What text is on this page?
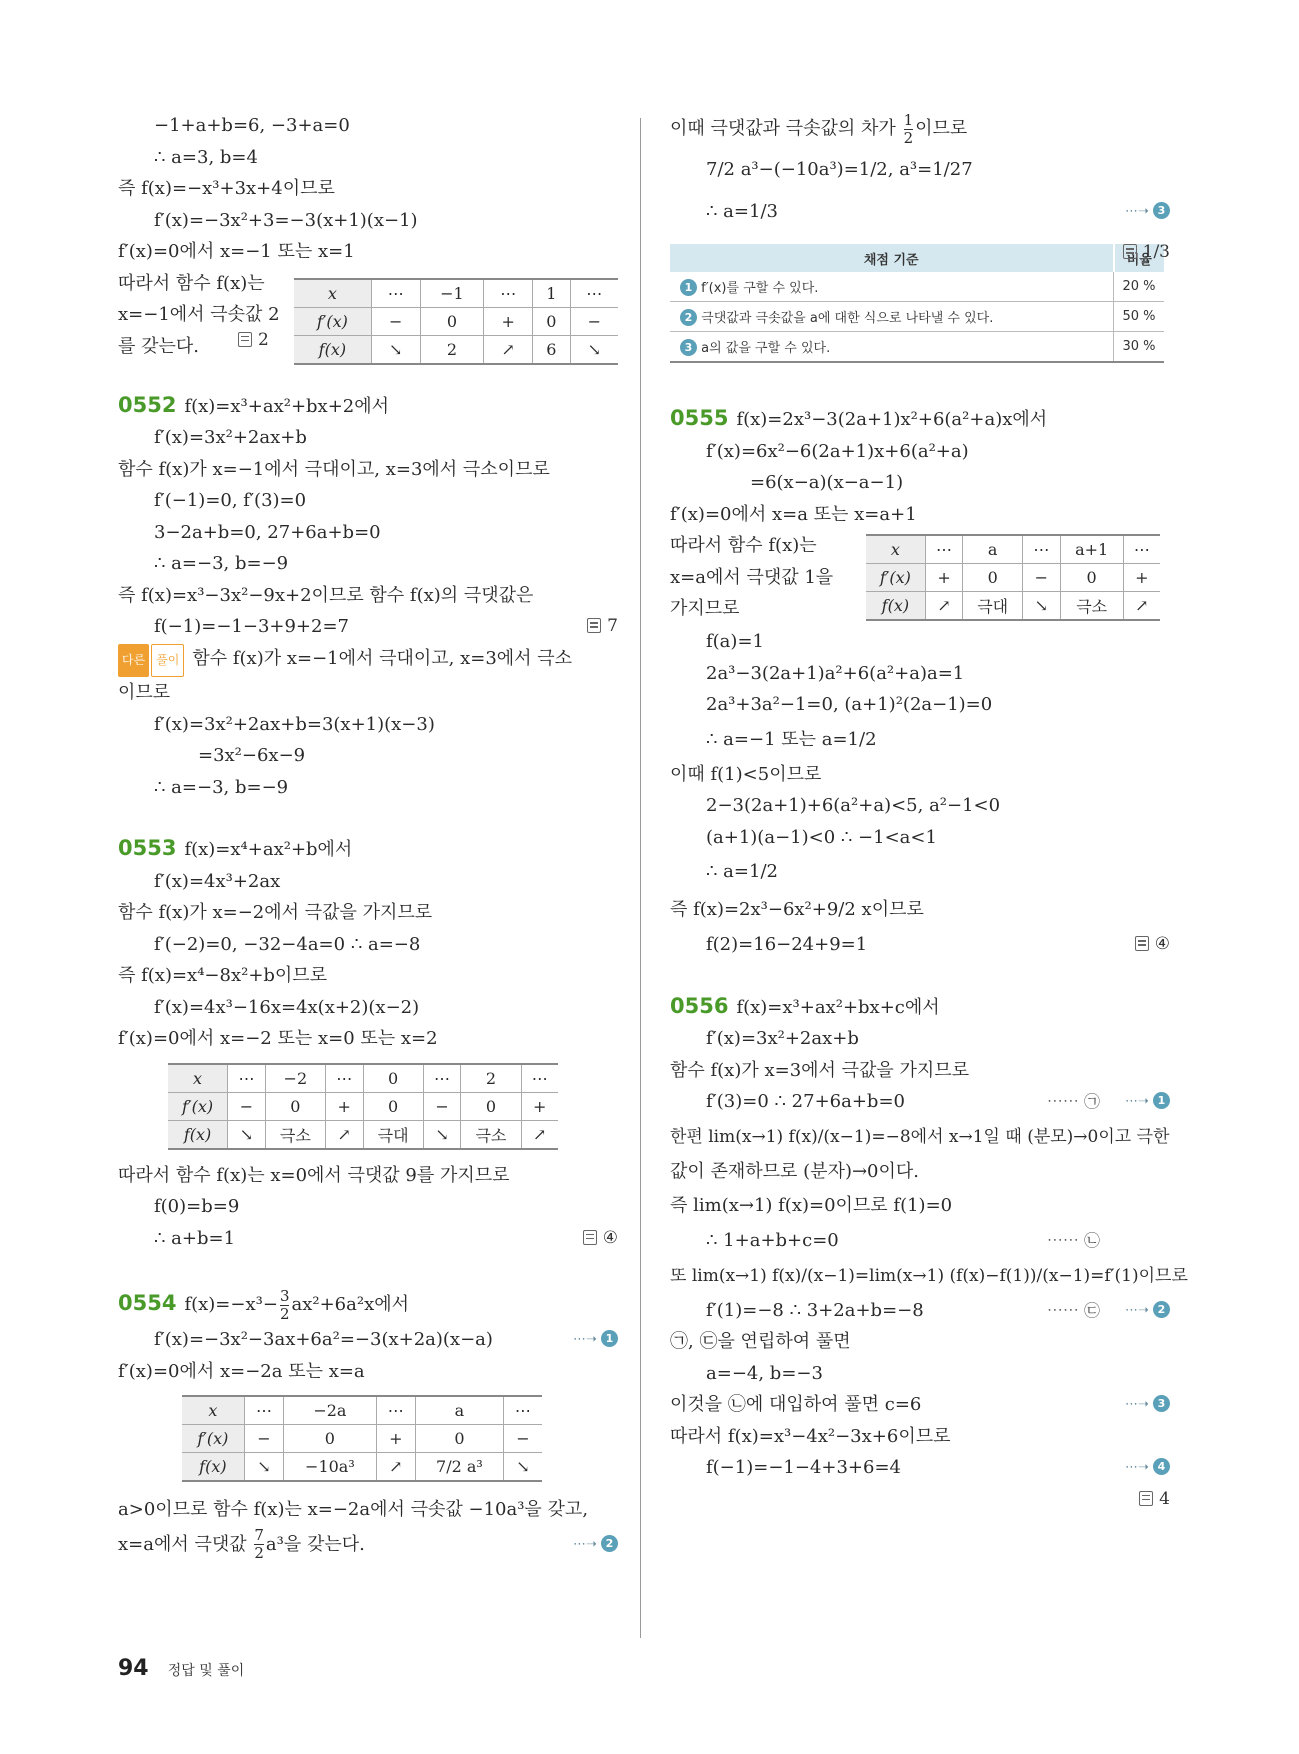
−1+a+b=6, −3+a=0
∴ a=3, b=4
즉 f(x)=−x³+3x+4이므로
f′(x)=−3x²+3=−3(x+1)(x−1)
f′(x)=0에서 x=−1 또는 x=1
따라서 함수 f(x)는
x=−1에서 극솟값 2
를 갖는다.	2
x	⋯	−1	⋯	1	⋯
f′(x)	−	0	+	0	−
f(x)	↘	2	↗	6	↘
0552 f(x)=x³+ax²+bx+2에서
f′(x)=3x²+2ax+b
함수 f(x)가 x=−1에서 극대이고, x=3에서 극소이므로
f′(−1)=0, f′(3)=0
3−2a+b=0, 27+6a+b=0
∴ a=−3, b=−9
즉 f(x)=x³−3x²−9x+2이므로 함수 f(x)의 극댓값은
f(−1)=−1−3+9+2=7	7
다른 풀이 함수 f(x)가 x=−1에서 극대이고, x=3에서 극소
이므로
f′(x)=3x²+2ax+b=3(x+1)(x−3)
=3x²−6x−9
∴ a=−3, b=−9
0553 f(x)=x⁴+ax²+b에서
f′(x)=4x³+2ax
함수 f(x)가 x=−2에서 극값을 가지므로
f′(−2)=0, −32−4a=0 ∴ a=−8
즉 f(x)=x⁴−8x²+b이므로
f′(x)=4x³−16x=4x(x+2)(x−2)
f′(x)=0에서 x=−2 또는 x=0 또는 x=2
x	⋯	−2	⋯	0	⋯	2	⋯
f′(x)	−	0	+	0	−	0	+
f(x)	↘	극소	↗	극대	↘	극소	↗
따라서 함수 f(x)는 x=0에서 극댓값 9를 가지므로
f(0)=b=9
∴ a+b=1	④
0554 $f(x)=-x^3- \frac{3}{2} ax^2+6a^2x$에서
f′(x)=−3x²−3ax+6a²=−3(x+2a)(x−a)	⋯➝ 1
f′(x)=0에서 x=−2a 또는 x=a
x	⋯	−2a	⋯	a	⋯
f′(x)	−	0	+	0	−
f(x)	↘	−10a³	↗	7/2 a³	↘
a>0이므로 함수 f(x)는 x=−2a에서 극솟값 −10a³을 갖고,
x=a에서 극댓값 $\frac{7}{2} a^3$을 갖는다.	⋯➝ 2
이때 극댓값과 극솟값의 차가 $\frac{1}{2}$ 이므로
7/2 a³−(−10a³)=1/2, a³=1/27
∴ a=1/3	⋯➝ 3
1/3
채점 기준	비율
1 f′(x)를 구할 수 있다.	20 %
2 극댓값과 극솟값을 a에 대한 식으로 나타낼 수 있다.	50 %
3 a의 값을 구할 수 있다.	30 %
0555 f(x)=2x³−3(2a+1)x²+6(a²+a)x에서
f′(x)=6x²−6(2a+1)x+6(a²+a)
=6(x−a)(x−a−1)
f′(x)=0에서 x=a 또는 x=a+1
따라서 함수 f(x)는
x=a에서 극댓값 1을
가지므로
x	⋯	a	⋯	a+1	⋯
f′(x)	+	0	−	0	+
f(x)	↗	극대	↘	극소	↗
f(a)=1
2a³−3(2a+1)a²+6(a²+a)a=1
2a³+3a²−1=0, (a+1)²(2a−1)=0
∴ a=−1 또는 a=1/2
이때 f(1)<5이므로
2−3(2a+1)+6(a²+a)<5, a²−1<0
(a+1)(a−1)<0 ∴ −1<a<1
∴ a=1/2
즉 f(x)=2x³−6x²+9/2 x이므로
f(2)=16−24+9=1	④
0556 f(x)=x³+ax²+bx+c에서
f′(x)=3x²+2ax+b
함수 f(x)가 x=3에서 극값을 가지므로
f′(3)=0 ∴ 27+6a+b=0	⋯⋯ ㉠ ⋯➝ 1
한편 lim(x→1) f(x)/(x−1)=−8에서 x→1일 때 (분모)→0이고 극한
값이 존재하므로 (분자)→0이다.
즉 lim(x→1) f(x)=0이므로 f(1)=0
∴ 1+a+b+c=0	⋯⋯ ㉡
또 lim(x→1) f(x)/(x−1)=lim(x→1) (f(x)−f(1))/(x−1)=f′(1)이므로
f′(1)=−8 ∴ 3+2a+b=−8	⋯⋯ ㉢ ⋯➝ 2
㉠, ㉢을 연립하여 풀면
a=−4, b=−3
이것을 ㉡에 대입하여 풀면 c=6	⋯➝ 3
따라서 f(x)=x³−4x²−3x+6이므로
f(−1)=−1−4+3+6=4	⋯➝ 4
4
94 정답 및 풀이
